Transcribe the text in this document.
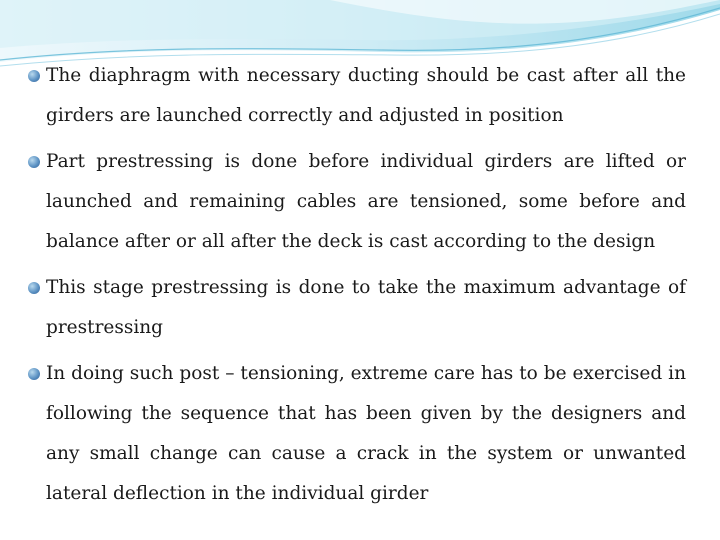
The diaphragm with necessary ducting should be cast after all the girders are launched correctly and adjusted in position
Part prestressing is done before individual girders are lifted or launched and remaining cables are tensioned, some before and balance after or all after the deck is cast according to the design
This stage prestressing is done to take the maximum advantage of prestressing
In doing such post – tensioning, extreme care has to be exercised in following the sequence that has been given by the designers and any small change can cause a crack in the system or unwanted lateral deflection in the individual girder
